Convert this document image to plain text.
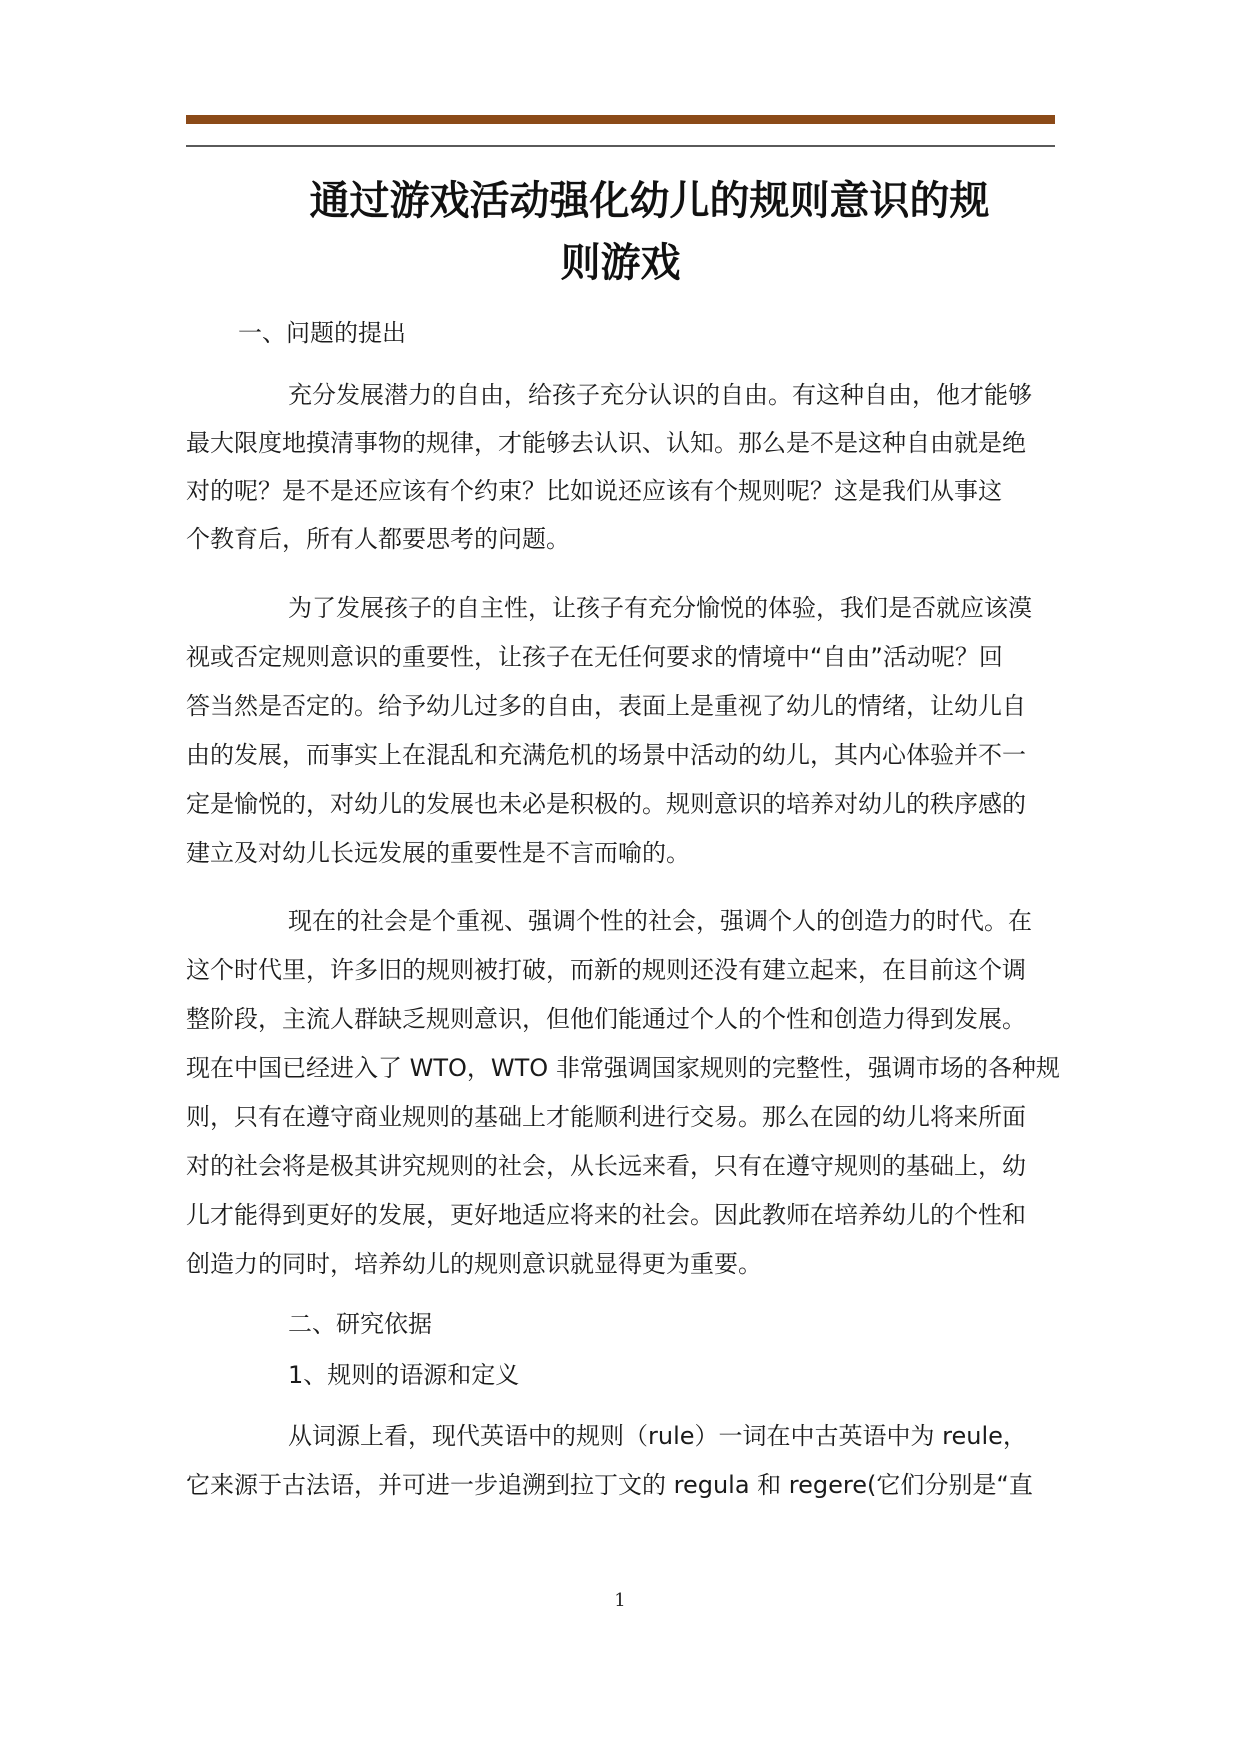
通过游戏活动强化幼儿的规则意识的规
则游戏
一、问题的提出
充分发展潜力的自由，给孩子充分认识的自由。有这种自由，他才能够
最大限度地摸清事物的规律，才能够去认识、认知。那么是不是这种自由就是绝
对的呢？是不是还应该有个约束？比如说还应该有个规则呢？这是我们从事这
个教育后，所有人都要思考的问题。
为了发展孩子的自主性，让孩子有充分愉悦的体验，我们是否就应该漠
视或否定规则意识的重要性，让孩子在无任何要求的情境中“自由”活动呢？回
答当然是否定的。给予幼儿过多的自由，表面上是重视了幼儿的情绪，让幼儿自
由的发展，而事实上在混乱和充满危机的场景中活动的幼儿，其内心体验并不一
定是愉悦的，对幼儿的发展也未必是积极的。规则意识的培养对幼儿的秩序感的
建立及对幼儿长远发展的重要性是不言而喻的。
现在的社会是个重视、强调个性的社会，强调个人的创造力的时代。在
这个时代里，许多旧的规则被打破，而新的规则还没有建立起来，在目前这个调
整阶段，主流人群缺乏规则意识，但他们能通过个人的个性和创造力得到发展。
现在中国已经进入了 WTO，WTO 非常强调国家规则的完整性，强调市场的各种规
则，只有在遵守商业规则的基础上才能顺利进行交易。那么在园的幼儿将来所面
对的社会将是极其讲究规则的社会，从长远来看，只有在遵守规则的基础上，幼
儿才能得到更好的发展，更好地适应将来的社会。因此教师在培养幼儿的个性和
创造力的同时，培养幼儿的规则意识就显得更为重要。
二、研究依据
1、规则的语源和定义
从词源上看，现代英语中的规则（rule）一词在中古英语中为 reule，
它来源于古法语，并可进一步追溯到拉丁文的 regula 和 regere(它们分别是“直
1
